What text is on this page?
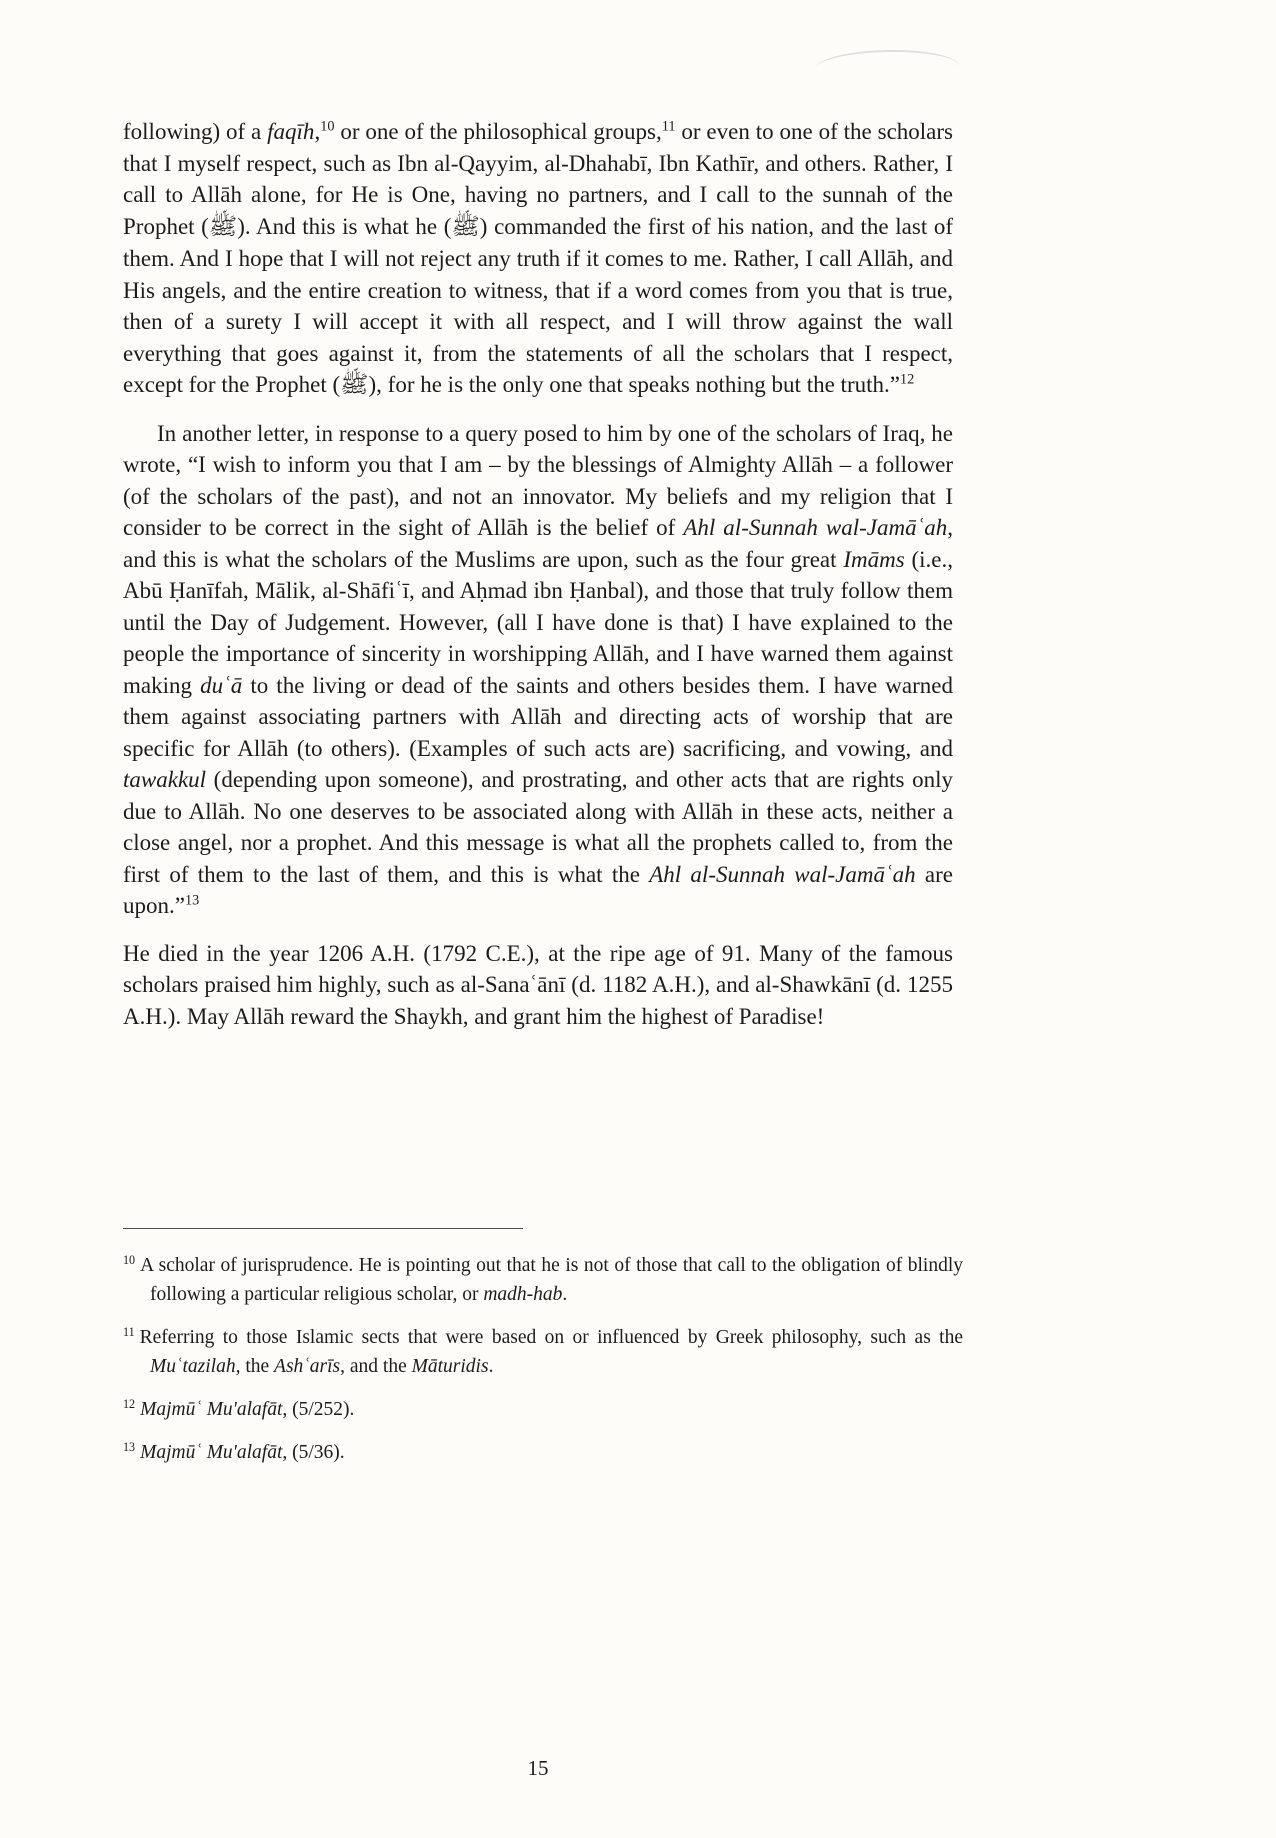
following) of a faqīh,$^{10}$ or one of the philosophical groups,$^{11}$ or even to one of the scholars that I myself respect, such as Ibn al-Qayyim, al-Dhahabī, Ibn Kathīr, and others. Rather, I call to Allāh alone, for He is One, having no partners, and I call to the sunnah of the Prophet (ﷺ). And this is what he (ﷺ) commanded the first of his nation, and the last of them. And I hope that I will not reject any truth if it comes to me. Rather, I call Allāh, and His angels, and the entire creation to witness, that if a word comes from you that is true, then of a surety I will accept it with all respect, and I will throw against the wall everything that goes against it, from the statements of all the scholars that I respect, except for the Prophet (ﷺ), for he is the only one that speaks nothing but the truth.”$^{12}$

In another letter, in response to a query posed to him by one of the scholars of Iraq, he wrote, “I wish to inform you that I am – by the blessings of Almighty Allāh – a follower (of the scholars of the past), and not an innovator. My beliefs and my religion that I consider to be correct in the sight of Allāh is the belief of Ahl al-Sunnah wal-Jamāʿah, and this is what the scholars of the Muslims are upon, such as the four great Imāms (i.e., Abū Ḥanīfah, Mālik, al-Shāfiʿī, and Aḥmad ibn Ḥanbal), and those that truly follow them until the Day of Judgement. However, (all I have done is that) I have explained to the people the importance of sincerity in worshipping Allāh, and I have warned them against making duʿā to the living or dead of the saints and others besides them. I have warned them against associating partners with Allāh and directing acts of worship that are specific for Allāh (to others). (Examples of such acts are) sacrificing, and vowing, and tawakkul (depending upon someone), and prostrating, and other acts that are rights only due to Allāh. No one deserves to be associated along with Allāh in these acts, neither a close angel, nor a prophet. And this message is what all the prophets called to, from the first of them to the last of them, and this is what the Ahl al-Sunnah wal-Jamāʿah are upon.”$^{13}$

He died in the year 1206 A.H. (1792 C.E.), at the ripe age of 91. Many of the famous scholars praised him highly, such as al-Sanaʿānī (d. 1182 A.H.), and al-Shawkānī (d. 1255 A.H.). May Allāh reward the Shaykh, and grant him the highest of Paradise!

$^{10}$ A scholar of jurisprudence. He is pointing out that he is not of those that call to the obligation of blindly following a particular religious scholar, or madh-hab.

$^{11}$ Referring to those Islamic sects that were based on or influenced by Greek philosophy, such as the Muʿtazilah, the Ashʿarīs, and the Māturidis.

$^{12}$ Majmūʿ Mu'alafāt, (5/252).

$^{13}$ Majmūʿ Mu'alafāt, (5/36).

15
